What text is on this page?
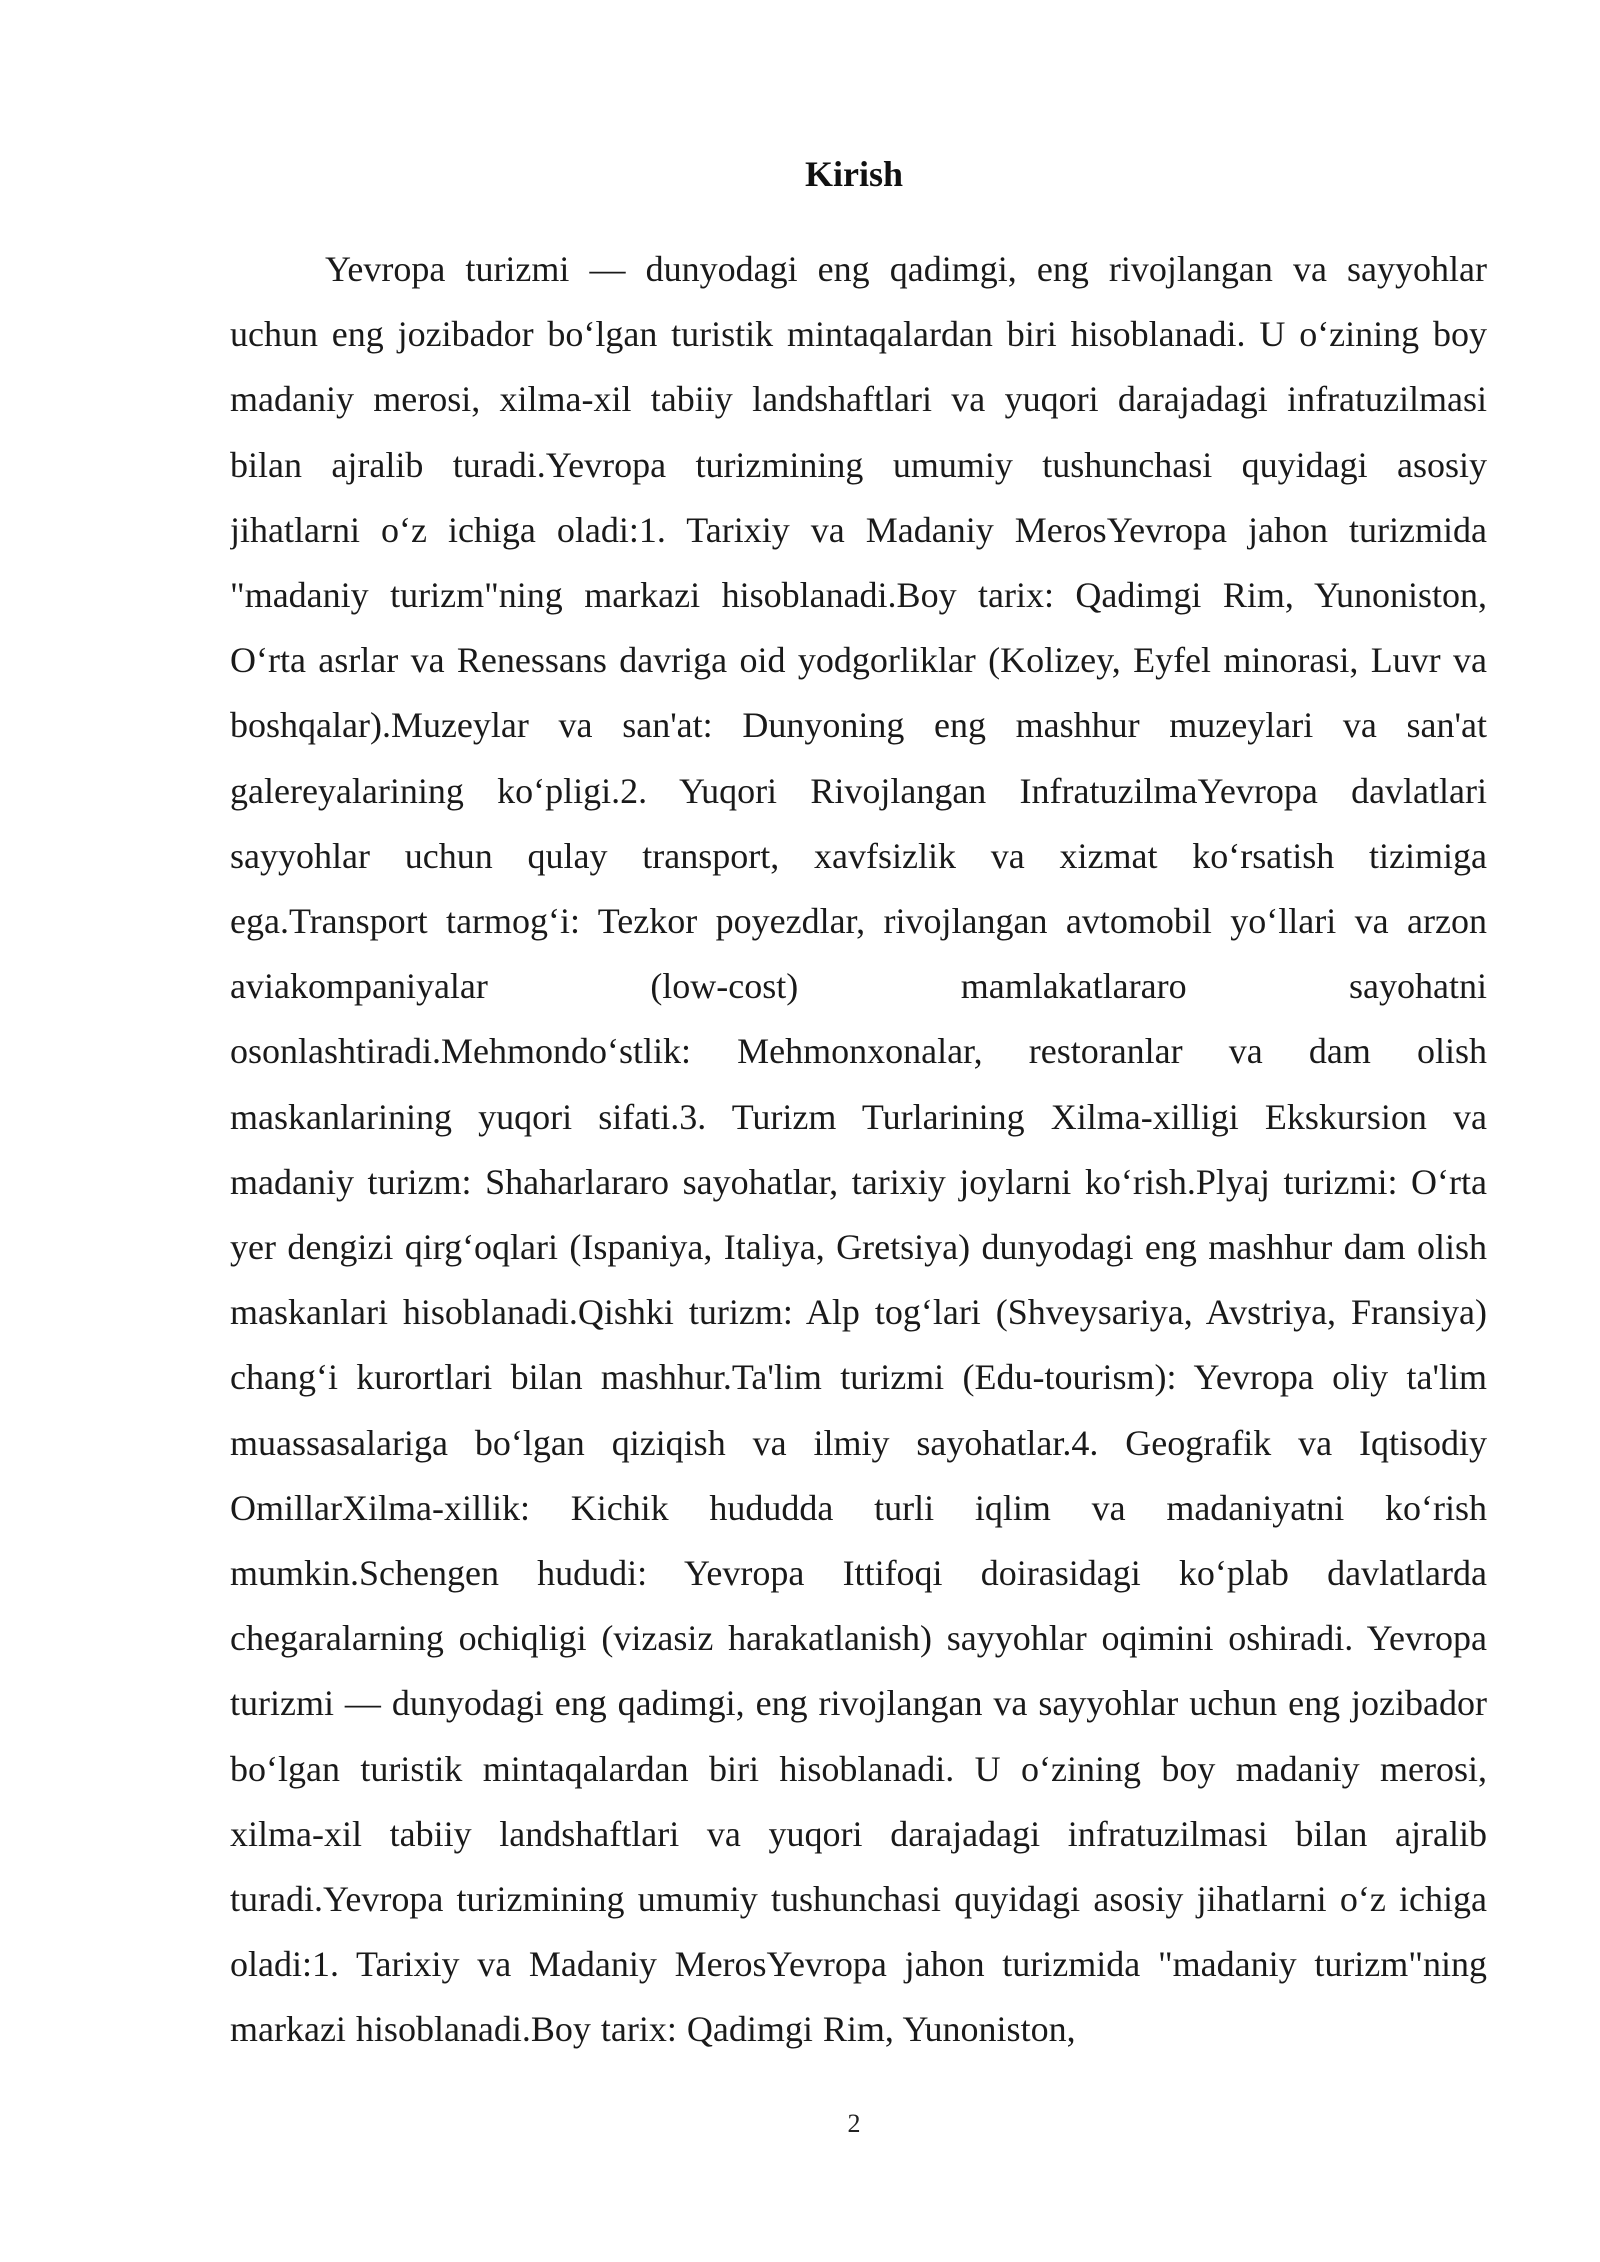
Kirish

Yevropa turizmi — dunyodagi eng qadimgi, eng rivojlangan va sayyohlar uchun eng jozibador bo‘lgan turistik mintaqalardan biri hisoblanadi. U o‘zining boy madaniy merosi, xilma-xil tabiiy landshaftlari va yuqori darajadagi infratuzilmasi bilan ajralib turadi.Yevropa turizmining umumiy tushunchasi quyidagi asosiy jihatlarni o‘z ichiga oladi:1. Tarixiy va Madaniy MerosYevropa jahon turizmida "madaniy turizm"ning markazi hisoblanadi.Boy tarix: Qadimgi Rim, Yunoniston, O‘rta asrlar va Renessans davriga oid yodgorliklar (Kolizey, Eyfel minorasi, Luvr va boshqalar).Muzeylar va san'at: Dunyoning eng mashhur muzeylari va san'at galereyalarining ko‘pligi.2. Yuqori Rivojlangan InfratuzilmaYevropa davlatlari sayyohlar uchun qulay transport, xavfsizlik va xizmat ko‘rsatish tizimiga ega.Transport tarmog‘i: Tezkor poyezdlar, rivojlangan avtomobil yo‘llari va arzon aviakompaniyalar (low-cost) mamlakatlararo sayohatni osonlashtiradi.Mehmondo‘stlik: Mehmonxonalar, restoranlar va dam olish maskanlarining yuqori sifati.3. Turizm Turlarining Xilma-xilligi Ekskursion va madaniy turizm: Shaharlararo sayohatlar, tarixiy joylarni ko‘rish.Plyaj turizmi: O‘rta yer dengizi qirg‘oqlari (Ispaniya, Italiya, Gretsiya) dunyodagi eng mashhur dam olish maskanlari hisoblanadi.Qishki turizm: Alp tog‘lari (Shveysariya, Avstriya, Fransiya) chang‘i kurortlari bilan mashhur.Ta'lim turizmi (Edu-tourism): Yevropa oliy ta'lim muassasalariga bo‘lgan qiziqish va ilmiy sayohatlar.4. Geografik va Iqtisodiy OmillarXilma-xillik: Kichik hududda turli iqlim va madaniyatni ko‘rish mumkin.Schengen hududi: Yevropa Ittifoqi doirasidagi ko‘plab davlatlarda chegaralarning ochiqligi (vizasiz harakatlanish) sayyohlar oqimini oshiradi. Yevropa turizmi — dunyodagi eng qadimgi, eng rivojlangan va sayyohlar uchun eng jozibador bo‘lgan turistik mintaqalardan biri hisoblanadi. U o‘zining boy madaniy merosi, xilma-xil tabiiy landshaftlari va yuqori darajadagi infratuzilmasi bilan ajralib turadi.Yevropa turizmining umumiy tushunchasi quyidagi asosiy jihatlarni o‘z ichiga oladi:1. Tarixiy va Madaniy MerosYevropa jahon turizmida "madaniy turizm"ning markazi hisoblanadi.Boy tarix: Qadimgi Rim, Yunoniston,

2
